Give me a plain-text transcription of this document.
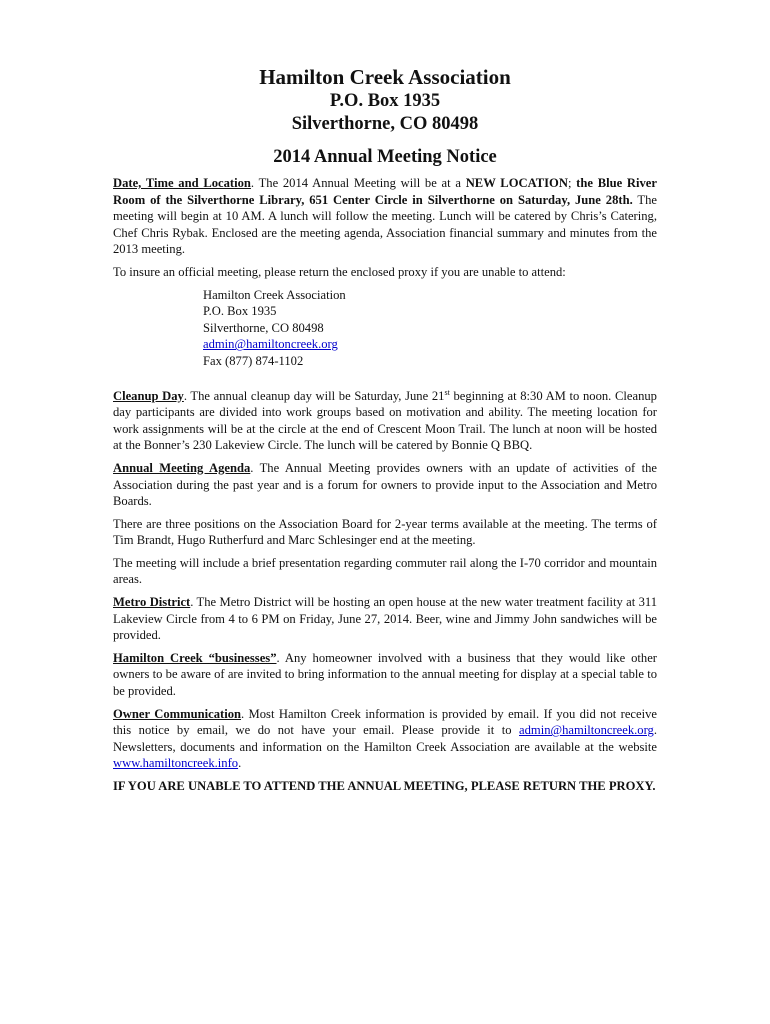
Hamilton Creek Association
P.O. Box 1935
Silverthorne, CO 80498
2014 Annual Meeting Notice

Date, Time and Location. The 2014 Annual Meeting will be at a NEW LOCATION; the Blue River Room of the Silverthorne Library, 651 Center Circle in Silverthorne on Saturday, June 28th. The meeting will begin at 10 AM. A lunch will follow the meeting. Lunch will be catered by Chris’s Catering, Chef Chris Rybak. Enclosed are the meeting agenda, Association financial summary and minutes from the 2013 meeting.

To insure an official meeting, please return the enclosed proxy if you are unable to attend:

Hamilton Creek Association
P.O. Box 1935
Silverthorne, CO 80498
admin@hamiltoncreek.org
Fax (877) 874-1102

Cleanup Day. The annual cleanup day will be Saturday, June 21st beginning at 8:30 AM to noon. Cleanup day participants are divided into work groups based on motivation and ability. The meeting location for work assignments will be at the circle at the end of Crescent Moon Trail. The lunch at noon will be hosted at the Bonner’s 230 Lakeview Circle. The lunch will be catered by Bonnie Q BBQ.

Annual Meeting Agenda. The Annual Meeting provides owners with an update of activities of the Association during the past year and is a forum for owners to provide input to the Association and Metro Boards.

There are three positions on the Association Board for 2-year terms available at the meeting. The terms of Tim Brandt, Hugo Rutherfurd and Marc Schlesinger end at the meeting.

The meeting will include a brief presentation regarding commuter rail along the I-70 corridor and mountain areas.

Metro District. The Metro District will be hosting an open house at the new water treatment facility at 311 Lakeview Circle from 4 to 6 PM on Friday, June 27, 2014. Beer, wine and Jimmy John sandwiches will be provided.

Hamilton Creek “businesses”. Any homeowner involved with a business that they would like other owners to be aware of are invited to bring information to the annual meeting for display at a special table to be provided.

Owner Communication. Most Hamilton Creek information is provided by email. If you did not receive this notice by email, we do not have your email. Please provide it to admin@hamiltoncreek.org. Newsletters, documents and information on the Hamilton Creek Association are available at the website www.hamiltoncreek.info.

IF YOU ARE UNABLE TO ATTEND THE ANNUAL MEETING, PLEASE RETURN THE PROXY.
